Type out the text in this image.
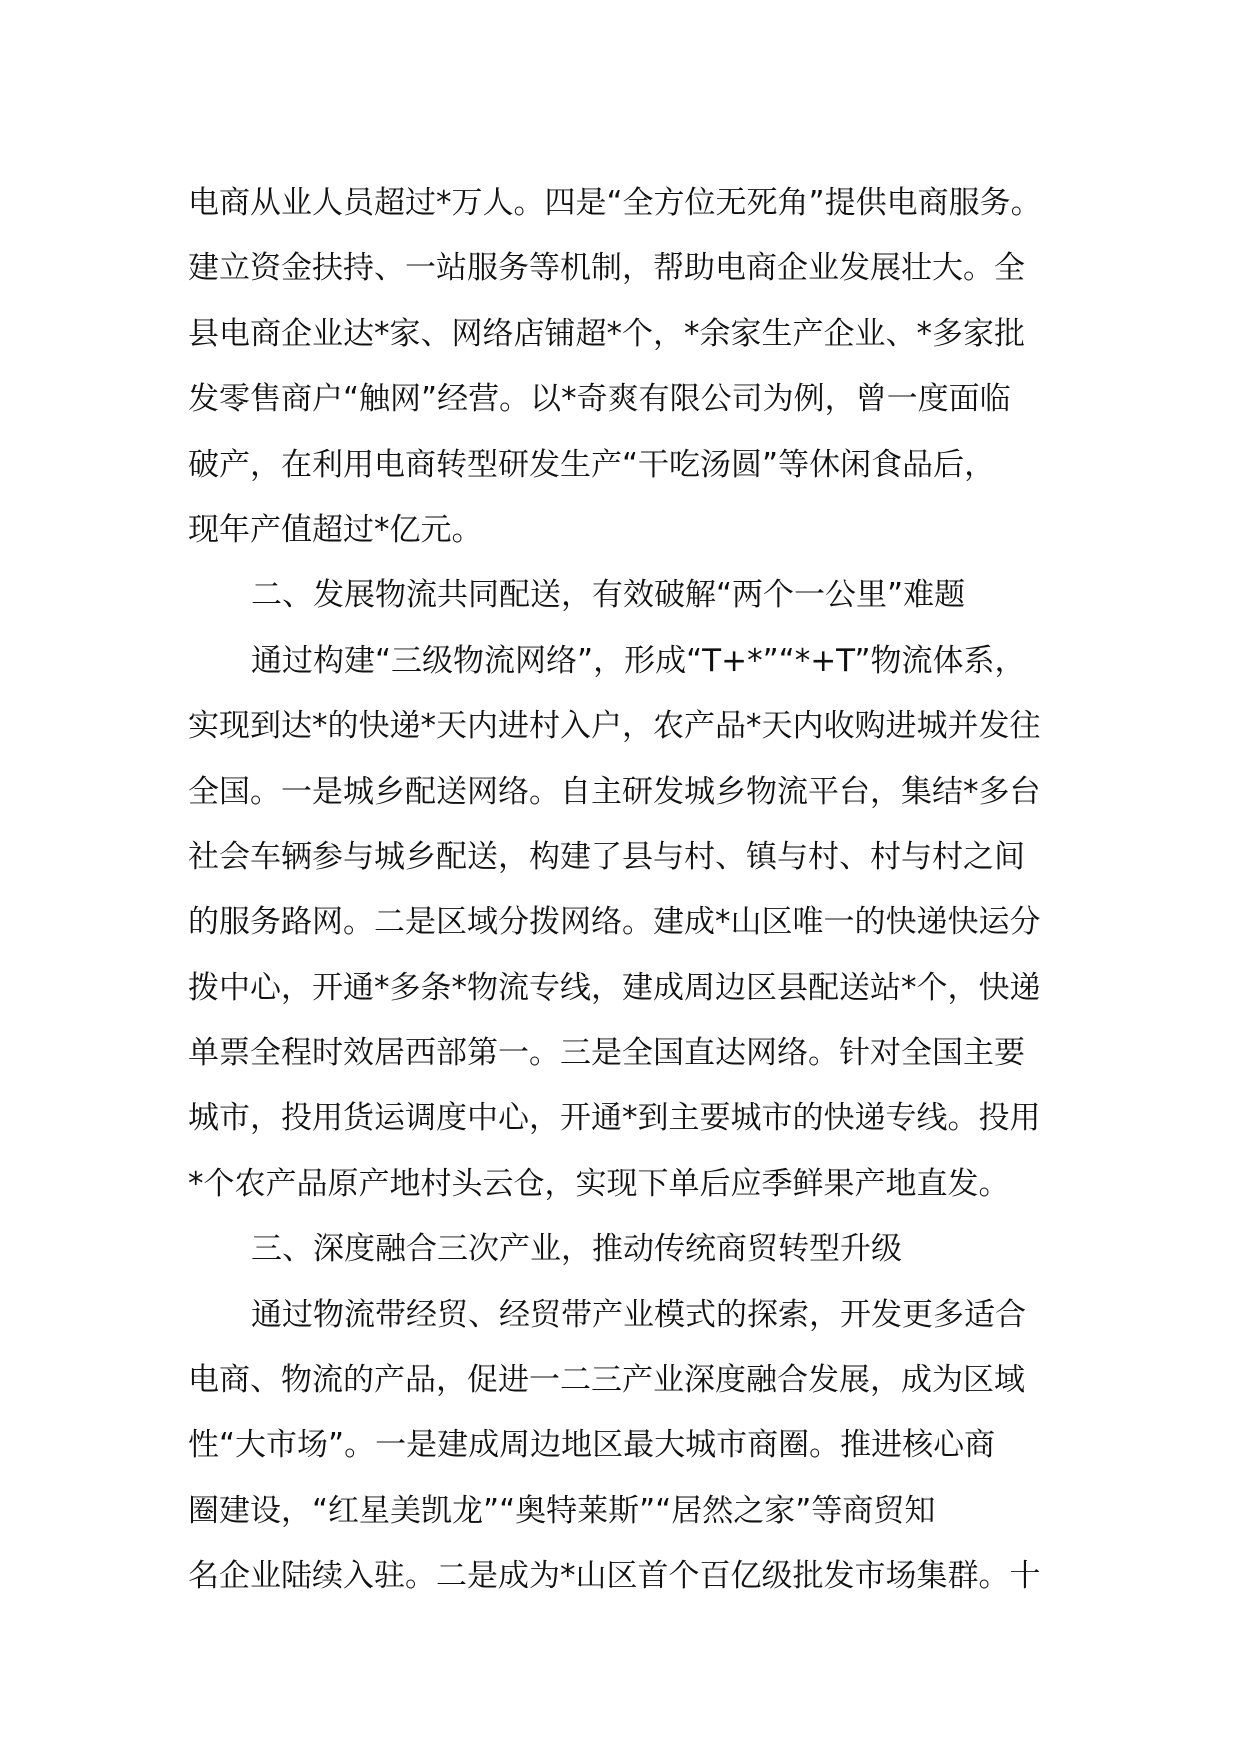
电商从业人员超过*万人。四是“全方位无死角”提供电商服务。
建立资金扶持、一站服务等机制，帮助电商企业发展壮大。全
县电商企业达*家、网络店铺超*个，*余家生产企业、*多家批
发零售商户“触网”经营。以*奇爽有限公司为例，曾一度面临
破产，在利用电商转型研发生产“干吃汤圆”等休闲食品后，
现年产值超过*亿元。
二、发展物流共同配送，有效破解“两个一公里”难题
通过构建“三级物流网络”，形成“T+*”“*+T”物流体系，
实现到达*的快递*天内进村入户，农产品*天内收购进城并发往
全国。一是城乡配送网络。自主研发城乡物流平台，集结*多台
社会车辆参与城乡配送，构建了县与村、镇与村、村与村之间
的服务路网。二是区域分拨网络。建成*山区唯一的快递快运分
拨中心，开通*多条*物流专线，建成周边区县配送站*个，快递
单票全程时效居西部第一。三是全国直达网络。针对全国主要
城市，投用货运调度中心，开通*到主要城市的快递专线。投用
*个农产品原产地村头云仓，实现下单后应季鲜果产地直发。
三、深度融合三次产业，推动传统商贸转型升级
通过物流带经贸、经贸带产业模式的探索，开发更多适合
电商、物流的产品，促进一二三产业深度融合发展，成为区域
性“大市场”。一是建成周边地区最大城市商圈。推进核心商
圈建设，“红星美凯龙”“奥特莱斯”“居然之家”等商贸知
名企业陆续入驻。二是成为*山区首个百亿级批发市场集群。十
